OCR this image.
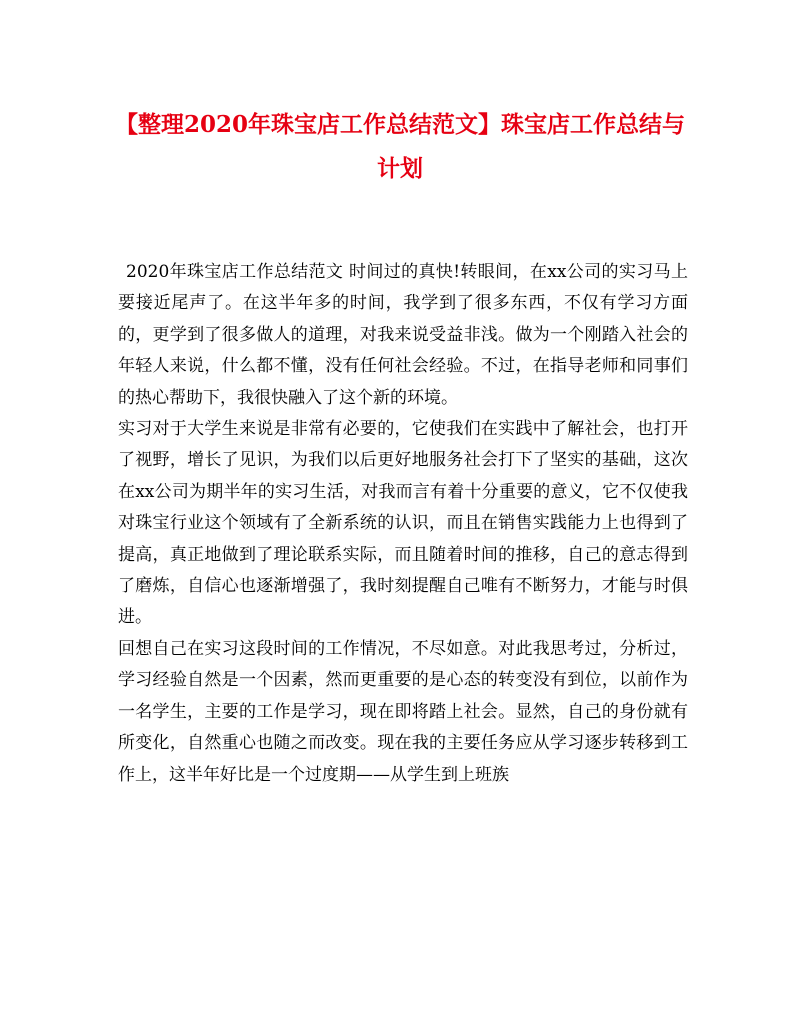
【整理2020年珠宝店工作总结范文】珠宝店工作总结与计划

2020年珠宝店工作总结范文 时间过的真快!转眼间，在xx公司的实习马上要接近尾声了。在这半年多的时间，我学到了很多东西，不仅有学习方面的，更学到了很多做人的道理，对我来说受益非浅。做为一个刚踏入社会的年轻人来说，什么都不懂，没有任何社会经验。不过，在指导老师和同事们的热心帮助下，我很快融入了这个新的环境。

实习对于大学生来说是非常有必要的，它使我们在实践中了解社会，也打开了视野，增长了见识，为我们以后更好地服务社会打下了坚实的基础，这次在xx公司为期半年的实习生活，对我而言有着十分重要的意义，它不仅使我对珠宝行业这个领域有了全新系统的认识，而且在销售实践能力上也得到了提高，真正地做到了理论联系实际，而且随着时间的推移，自己的意志得到了磨炼，自信心也逐渐增强了，我时刻提醒自己唯有不断努力，才能与时俱进。

回想自己在实习这段时间的工作情况，不尽如意。对此我思考过，分析过，学习经验自然是一个因素，然而更重要的是心态的转变没有到位，以前作为一名学生，主要的工作是学习，现在即将踏上社会。显然，自己的身份就有所变化，自然重心也随之而改变。现在我的主要任务应从学习逐步转移到工作上，这半年好比是一个过度期——从学生到上班族
